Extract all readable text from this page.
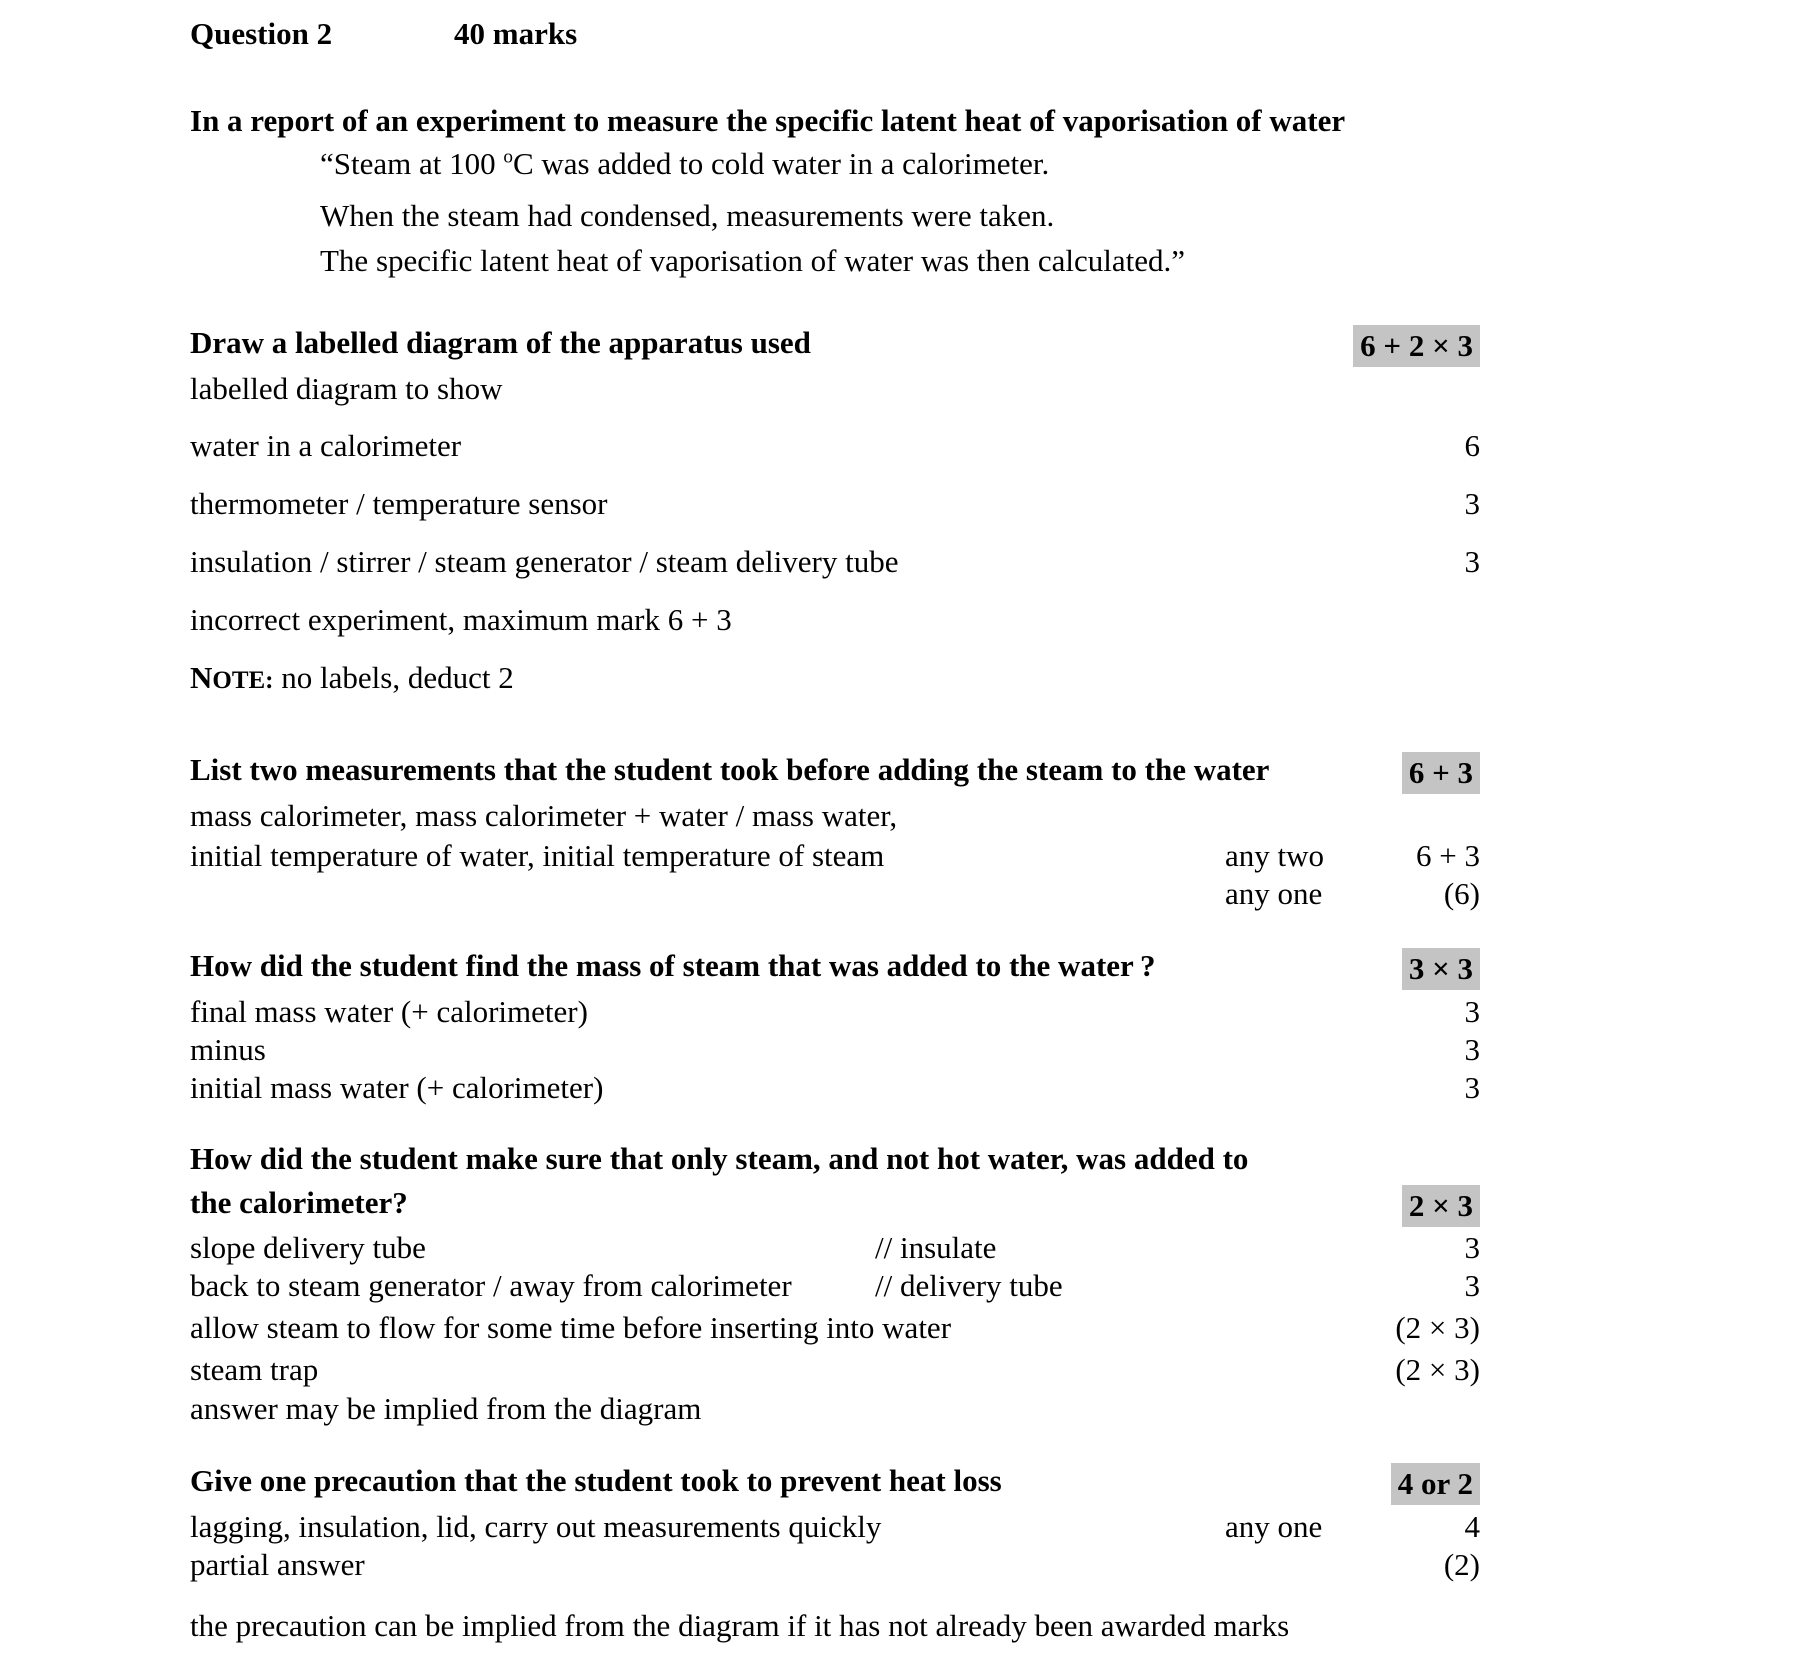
Question 2	40 marks
In a report of an experiment to measure the specific latent heat of vaporisation of water
“Steam at 100 $^o$C was added to cold water in a calorimeter.
When the steam had condensed, measurements were taken.
The specific latent heat of vaporisation of water was then calculated.”
Draw a labelled diagram of the apparatus used	6 + 2 × 3
labelled diagram to show
water in a calorimeter	6
thermometer / temperature sensor	3
insulation / stirrer / steam generator / steam delivery tube	3
incorrect experiment, maximum mark 6 + 3
NOTE: no labels, deduct 2
List two measurements that the student took before adding the steam to the water	6 + 3
mass calorimeter, mass calorimeter + water / mass water,
initial temperature of water, initial temperature of steam	any two	6 + 3
any one	(6)
How did the student find the mass of steam that was added to the water ?	3 × 3
final mass water (+ calorimeter)	3
minus	3
initial mass water (+ calorimeter)	3
How did the student make sure that only steam, and not hot water, was added to
the calorimeter?	2 × 3
slope delivery tube	// insulate	3
back to steam generator / away from calorimeter	// delivery tube	3
allow steam to flow for some time before inserting into water	(2 × 3)
steam trap	(2 × 3)
answer may be implied from the diagram
Give one precaution that the student took to prevent heat loss	4 or 2
lagging, insulation, lid, carry out measurements quickly	any one	4
partial answer	(2)
the precaution can be implied from the diagram if it has not already been awarded marks
